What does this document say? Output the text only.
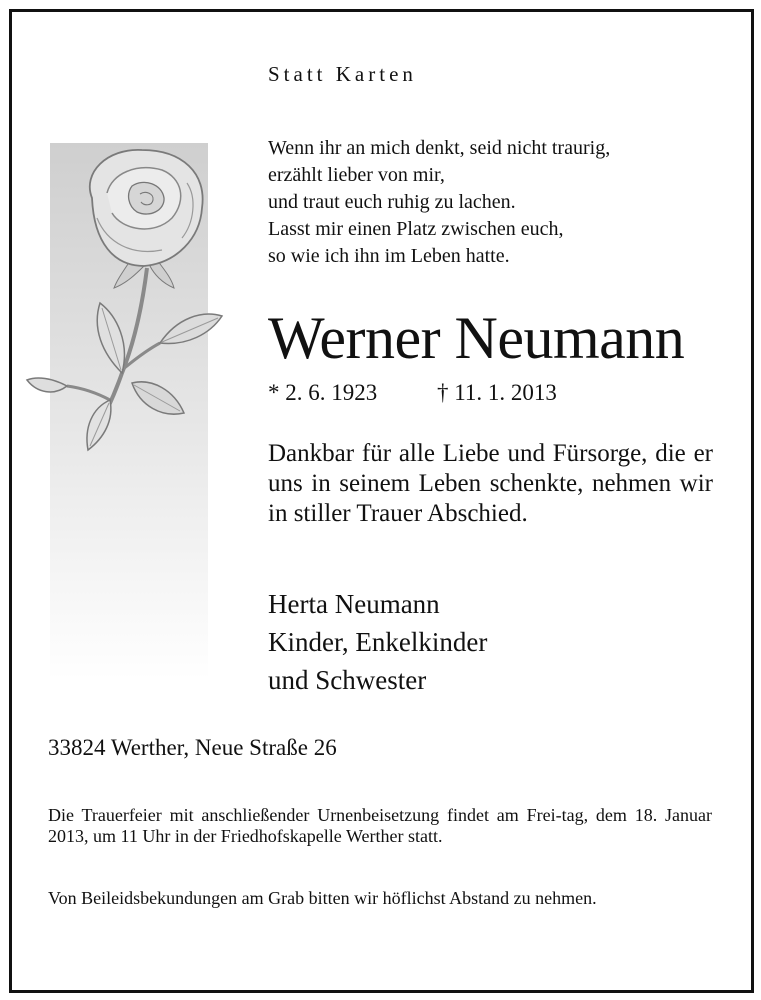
Statt Karten

Wenn ihr an mich denkt, seid nicht traurig,
erzählt lieber von mir,
und traut euch ruhig zu lachen.
Lasst mir einen Platz zwischen euch,
so wie ich ihn im Leben hatte.
Werner Neumann
* 2. 6. 1923	† 11. 1. 2013

Dankbar für alle Liebe und Fürsorge, die er uns in seinem Leben schenkte, nehmen wir in stiller Trauer Abschied.

Herta Neumann
Kinder, Enkelkinder
und Schwester

33824 Werther, Neue Straße 26

Die Trauerfeier mit anschließender Urnenbeisetzung findet am Frei-tag, dem 18. Januar 2013, um 11 Uhr in der Friedhofskapelle Werther statt.

Von Beileidsbekundungen am Grab bitten wir höflichst Abstand zu nehmen.
